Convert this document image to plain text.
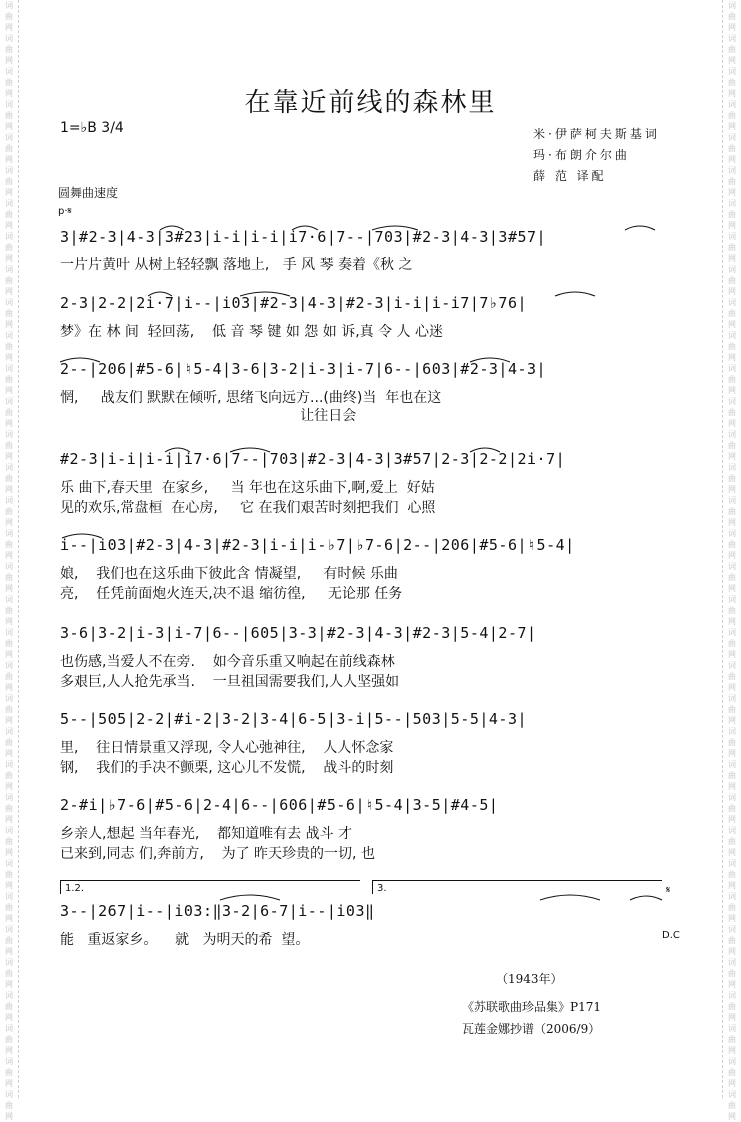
词曲网词曲网词曲网词曲网词曲网词曲网词曲网词曲网词曲网词曲网词曲网词曲网词曲网词曲网词曲网词曲网词曲网词曲网词曲网词曲网词曲网词曲网词曲网词曲网词曲网词曲网词曲网词曲网词曲网词曲网词曲网词曲网词曲网词曲网
词曲网词曲网词曲网词曲网词曲网词曲网词曲网词曲网词曲网词曲网词曲网词曲网词曲网词曲网词曲网词曲网词曲网词曲网词曲网词曲网词曲网词曲网词曲网词曲网词曲网词曲网词曲网词曲网词曲网词曲网词曲网词曲网词曲网词曲网
在靠近前线的森林里
1=♭B 3/4	米·伊萨柯夫斯基词
玛·布朗介尔曲
薛 范 译配
圆舞曲速度
p·𝄋
3|#2-3|4-3|3#23|i-i|i-i|i7·6|7--|703|#2-3|4-3|3#57|
一片片黄叶 从树上轻轻飘 落地上,   手 风 琴 奏着《秋 之
2-3|2-2|2i·7|i--|i03|#2-3|4-3|#2-3|i-i|i-i7|7♭76|
梦》在 林 间  轻回荡,    低 音 琴 键 如 怨 如 诉,真 令 人 心迷
2--|206|#5-6|♮5-4|3-6|3-2|i-3|i-7|6--|603|#2-3|4-3|
惘,     战友们 默默在倾听, 思绪飞向远方...(曲终)当  年也在这
让往日会
#2-3|i-i|i-i|i7·6|7--|703|#2-3|4-3|3#57|2-3|2-2|2i·7|
乐 曲下,春天里  在家乡,     当 年也在这乐曲下,啊,爱上  好姑
见的欢乐,常盘桓  在心房,     它 在我们艰苦时刻把我们  心照
i--|i03|#2-3|4-3|#2-3|i-i|i-♭7|♭7-6|2--|206|#5-6|♮5-4|
娘,    我们也在这乐曲下彼此含 情凝望,     有时候 乐曲
亮,    任凭前面炮火连天,决不退 缩彷徨,     无论那 任务
3-6|3-2|i-3|i-7|6--|605|3-3|#2-3|4-3|#2-3|5-4|2-7|
也伤感,当爱人不在旁.    如今音乐重又响起在前线森林
多艰巨,人人抢先承当.    一旦祖国需要我们,人人坚强如
5--|505|2-2|#i-2|3-2|3-4|6-5|3-i|5--|503|5-5|4-3|
里,    往日情景重又浮现, 令人心弛神往,    人人怀念家
钢,    我们的手决不颤栗, 这心儿不发慌,    战斗的时刻
2-#i|♭7-6|#5-6|2-4|6--|606|#5-6|♮5-4|3-5|#4-5|
乡亲人,想起 当年春光,    都知道唯有去 战斗 才
已来到,同志 们,奔前方,    为了 昨天珍贵的一切, 也
1.2.	3.	𝄋
3--|267|i--|i03:‖3-2|6-7|i--|i03‖
能   重返家乡。    就   为明天的希  望。	D.C
（1943年）
《苏联歌曲珍品集》P171
瓦莲金娜抄谱（2006/9）
